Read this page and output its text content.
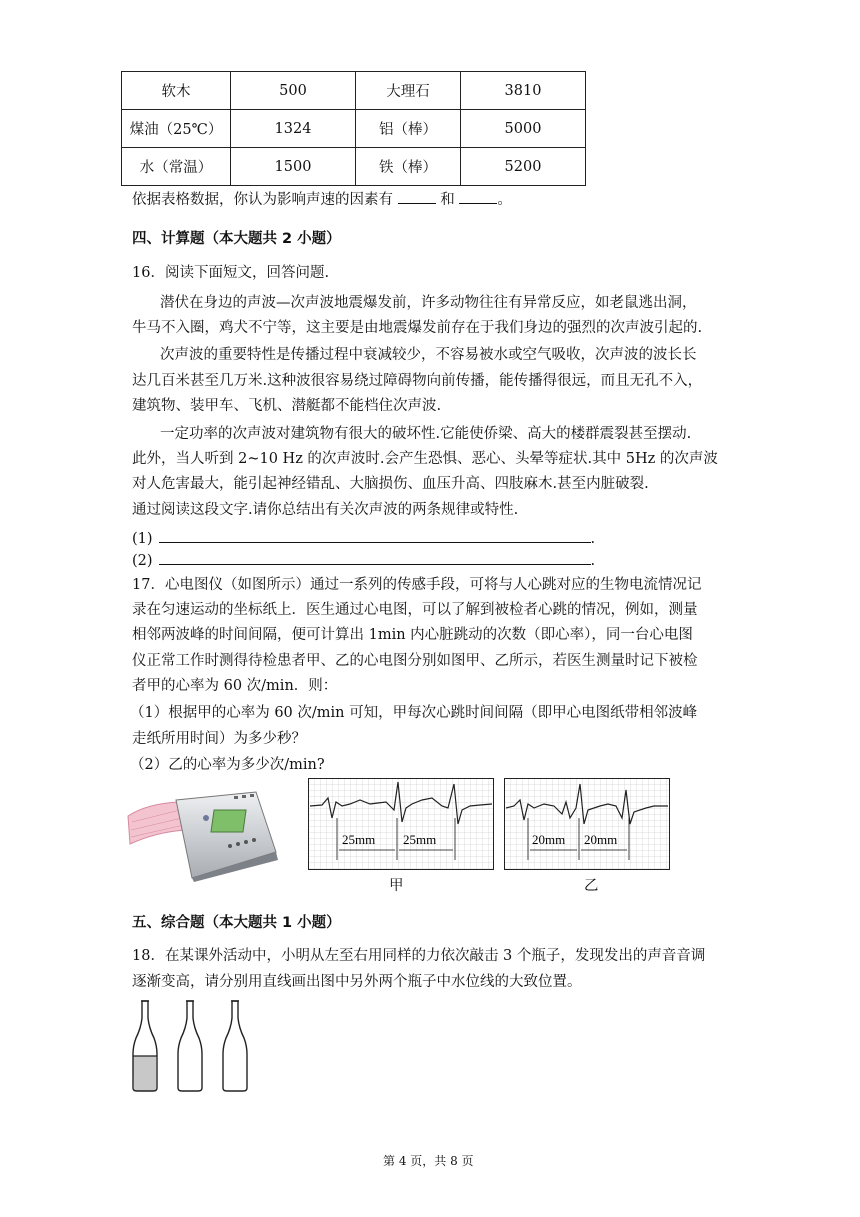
软木	500	大理石	3810
煤油（25℃）	1324	铝（棒）	5000
水（常温）	1500	铁（棒）	5200
依据表格数据，你认为影响声速的因素有	和	。
四、计算题（本大题共 2 小题）
16．阅读下面短文，回答问题.
潜伏在身边的声波—次声波地震爆发前，许多动物往往有异常反应，如老鼠逃出洞，
牛马不入圈，鸡犬不宁等，这主要是由地震爆发前存在于我们身边的强烈的次声波引起的.
次声波的重要特性是传播过程中衰减较少，不容易被水或空气吸收，次声波的波长长
达几百米甚至几万米.这种波很容易绕过障碍物向前传播，能传播得很远，而且无孔不入，
建筑物、装甲车、飞机、潜艇都不能档住次声波.
一定功率的次声波对建筑物有很大的破坏性.它能使侨梁、高大的楼群震裂甚至摆动.
此外，当人听到 2~10 Hz 的次声波时.会产生恐惧、恶心、头晕等症状.其中 5Hz 的次声波
对人危害最大，能引起神经错乱、大脑损伤、血压升高、四肢麻木.甚至内脏破裂.
通过阅读这段文字.请你总结出有关次声波的两条规律或特性.
(1)	.
(2)	.
17．心电图仪（如图所示）通过一系列的传感手段，可将与人心跳对应的生物电流情况记
录在匀速运动的坐标纸上．医生通过心电图，可以了解到被检者心跳的情况，例如，测量
相邻两波峰的时间间隔，便可计算出 1min 内心脏跳动的次数（即心率），同一台心电图
仪正常工作时测得待检患者甲、乙的心电图分别如图甲、乙所示，若医生测量时记下被检
者甲的心率为 60 次/min．则：
（1）根据甲的心率为 60 次/min 可知，甲每次心跳时间间隔（即甲心电图纸带相邻波峰
走纸所用时间）为多少秒？
（2）乙的心率为多少次/min?
25mm 25mm	20mm 20mm
甲	乙
五、综合题（本大题共 1 小题）
18．在某课外活动中，小明从左至右用同样的力依次敲击 3 个瓶子，发现发出的声音音调
逐渐变高，请分别用直线画出图中另外两个瓶子中水位线的大致位置。
第 4 页，共 8 页
